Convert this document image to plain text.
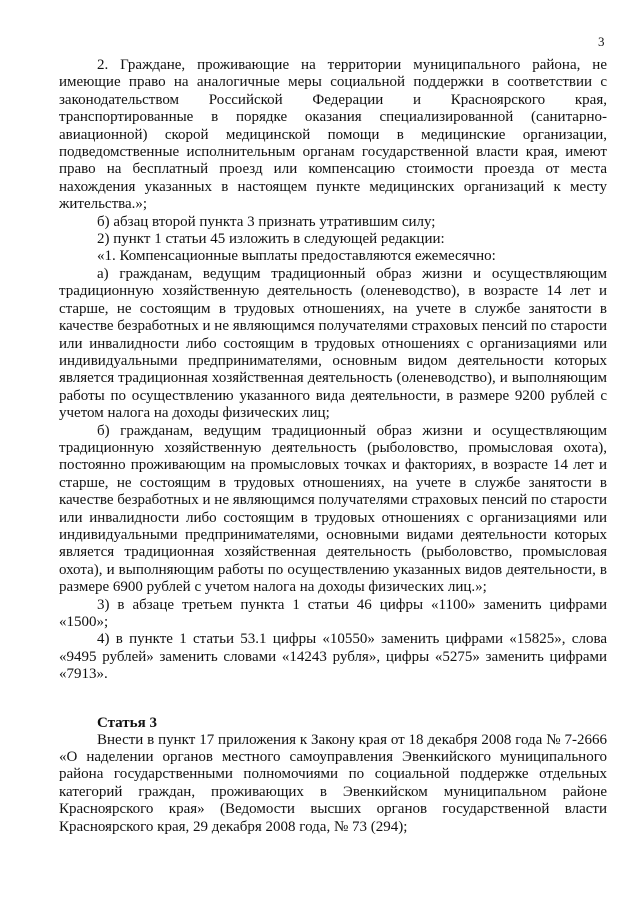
3

2. Граждане, проживающие на территории муниципального района, не имеющие право на аналогичные меры социальной поддержки в соответствии с законодательством Российской Федерации и Красноярского края, транспортированные в порядке оказания специализированной (санитарно-авиационной) скорой медицинской помощи в медицинские организации, подведомственные исполнительным органам государственной власти края, имеют право на бесплатный проезд или компенсацию стоимости проезда от места нахождения указанных в настоящем пункте медицинских организаций к месту жительства.»;

б) абзац второй пункта 3 признать утратившим силу;

2) пункт 1 статьи 45 изложить в следующей редакции:

«1. Компенсационные выплаты предоставляются ежемесячно:

а) гражданам, ведущим традиционный образ жизни и осуществляющим традиционную хозяйственную деятельность (оленеводство), в возрасте 14 лет и старше, не состоящим в трудовых отношениях, на учете в службе занятости в качестве безработных и не являющимся получателями страховых пенсий по старости или инвалидности либо состоящим в трудовых отношениях с организациями или индивидуальными предпринимателями, основным видом деятельности которых является традиционная хозяйственная деятельность (оленеводство), и выполняющим работы по осуществлению указанного вида деятельности, в размере 9200 рублей с учетом налога на доходы физических лиц;

б) гражданам, ведущим традиционный образ жизни и осуществляющим традиционную хозяйственную деятельность (рыболовство, промысловая охота), постоянно проживающим на промысловых точках и факториях, в возрасте 14 лет и старше, не состоящим в трудовых отношениях, на учете в службе занятости в качестве безработных и не являющимся получателями страховых пенсий по старости или инвалидности либо состоящим в трудовых отношениях с организациями или индивидуальными предпринимателями, основными видами деятельности которых является традиционная хозяйственная деятельность (рыболовство, промысловая охота), и выполняющим работы по осуществлению указанных видов деятельности, в размере 6900 рублей с учетом налога на доходы физических лиц.»;

3) в абзаце третьем пункта 1 статьи 46 цифры «1100» заменить цифрами «1500»;

4) в пункте 1 статьи 53.1 цифры «10550» заменить цифрами «15825», слова «9495 рублей» заменить словами «14243 рубля», цифры «5275» заменить цифрами «7913».

Статья 3

Внести в пункт 17 приложения к Закону края от 18 декабря 2008 года № 7-2666 «О наделении органов местного самоуправления Эвенкийского муниципального района государственными полномочиями по социальной поддержке отдельных категорий граждан, проживающих в Эвенкийском муниципальном районе Красноярского края» (Ведомости высших органов государственной власти Красноярского края, 29 декабря 2008 года, № 73 (294);
